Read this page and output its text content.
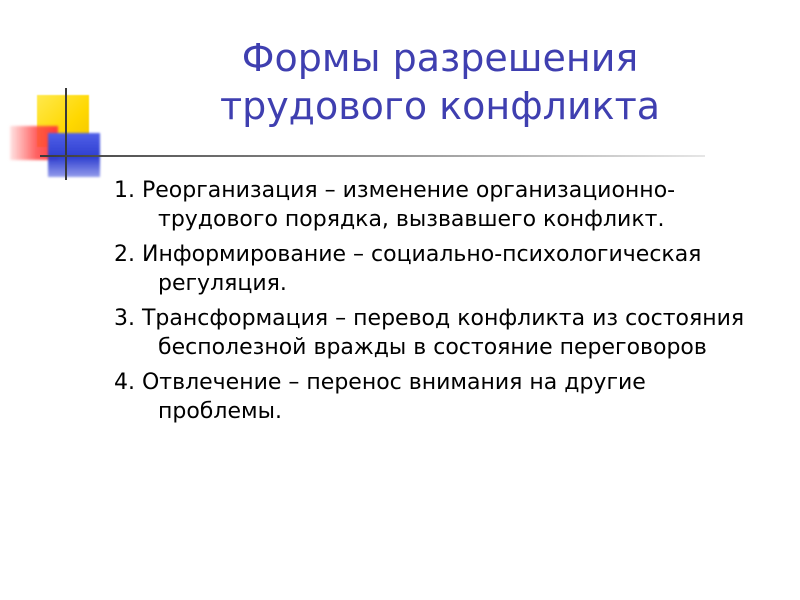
Формы разрешения
трудового конфликта
1. Реорганизация – изменение организационно-трудового порядка, вызвавшего конфликт.
2. Информирование – социально-психологическая регуляция.
3. Трансформация – перевод конфликта из состояния бесполезной вражды в состояние переговоров
4. Отвлечение – перенос внимания на другие проблемы.
